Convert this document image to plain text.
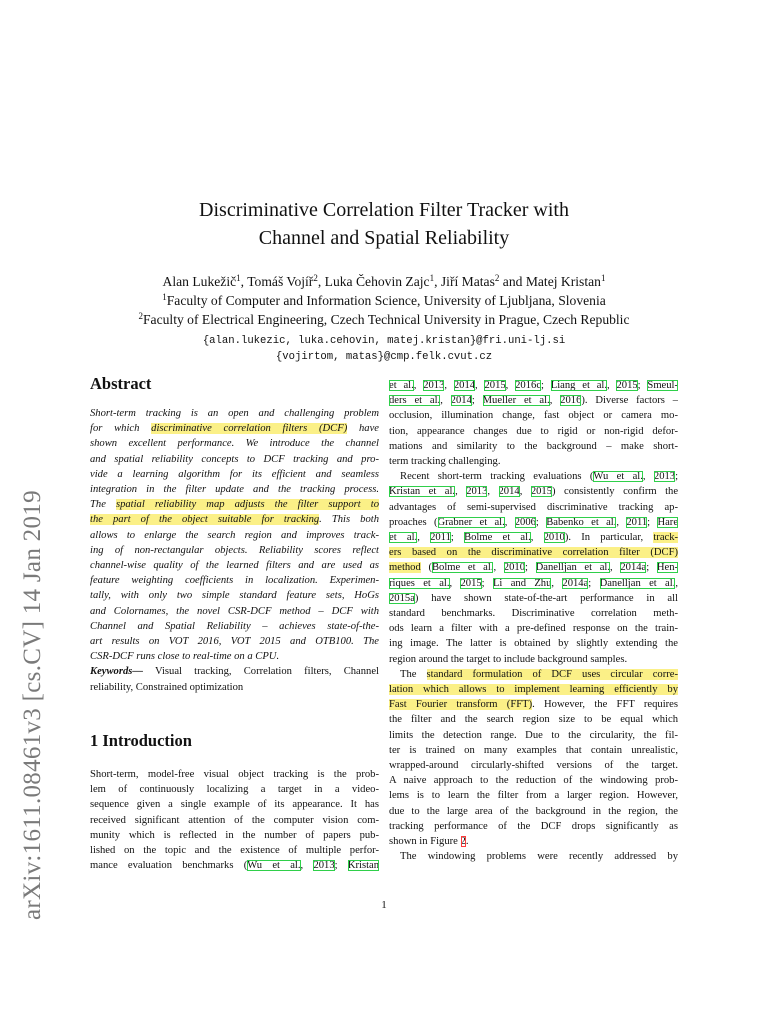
arXiv:1611.08461v3 [cs.CV] 14 Jan 2019
Discriminative Correlation Filter Tracker with
Channel and Spatial Reliability
Alan Lukežič$^1$, Tomáš Vojíř$^2$, Luka Čehovin Zajc$^1$, Jiří Matas$^2$ and Matej Kristan$^1$
$^1$Faculty of Computer and Information Science, University of Ljubljana, Slovenia
$^2$Faculty of Electrical Engineering, Czech Technical University in Prague, Czech Republic
{alan.lukezic, luka.cehovin, matej.kristan}@fri.uni-lj.si
{vojirtom, matas}@cmp.felk.cvut.cz
Abstract
Short-term tracking is an open and challenging problem
for which discriminative correlation filters (DCF) have
shown excellent performance. We introduce the channel
and spatial reliability concepts to DCF tracking and pro-
vide a learning algorithm for its efficient and seamless
integration in the filter update and the tracking process.
The spatial reliability map adjusts the filter support to
the part of the object suitable for tracking. This both
allows to enlarge the search region and improves track-
ing of non-rectangular objects. Reliability scores reflect
channel-wise quality of the learned filters and are used as
feature weighting coefficients in localization. Experimen-
tally, with only two simple standard feature sets, HoGs
and Colornames, the novel CSR-DCF method – DCF with
Channel and Spatial Reliability – achieves state-of-the-
art results on VOT 2016, VOT 2015 and OTB100. The
CSR-DCF runs close to real-time on a CPU.
Keywords— Visual tracking, Correlation filters, Channel
reliability, Constrained optimization
1 Introduction
Short-term, model-free visual object tracking is the prob-
lem of continuously localizing a target in a video-
sequence given a single example of its appearance. It has
received significant attention of the computer vision com-
munity which is reflected in the number of papers pub-
lished on the topic and the existence of multiple perfor-
mance evaluation benchmarks (Wu et al., 2013; Kristan
et al., 2013, 2014, 2015, 2016c; Liang et al., 2015; Smeul-
ders et al., 2014; Mueller et al., 2016). Diverse factors –
occlusion, illumination change, fast object or camera mo-
tion, appearance changes due to rigid or non-rigid defor-
mations and similarity to the background – make short-
term tracking challenging.
Recent short-term tracking evaluations (Wu et al., 2013;
Kristan et al., 2013, 2014, 2015) consistently confirm the
advantages of semi-supervised discriminative tracking ap-
proaches (Grabner et al., 2006; Babenko et al., 2011; Hare
et al., 2011; Bolme et al., 2010). In particular, track-
ers based on the discriminative correlation filter (DCF)
method (Bolme et al., 2010; Danelljan et al., 2014a; Hen-
riques et al., 2015; Li and Zhu, 2014a; Danelljan et al.,
2015a) have shown state-of-the-art performance in all
standard benchmarks. Discriminative correlation meth-
ods learn a filter with a pre-defined response on the train-
ing image. The latter is obtained by slightly extending the
region around the target to include background samples.
The standard formulation of DCF uses circular corre-
lation which allows to implement learning efficiently by
Fast Fourier transform (FFT). However, the FFT requires
the filter and the search region size to be equal which
limits the detection range. Due to the circularity, the fil-
ter is trained on many examples that contain unrealistic,
wrapped-around circularly-shifted versions of the target.
A naive approach to the reduction of the windowing prob-
lems is to learn the filter from a larger region. However,
due to the large area of the background in the region, the
tracking performance of the DCF drops significantly as
shown in Figure 2.
The windowing problems were recently addressed by
1
